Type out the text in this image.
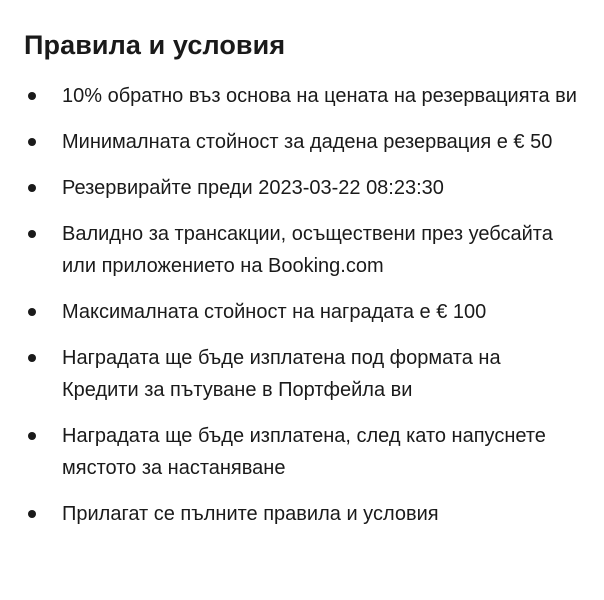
Правила и условия
10% обратно въз основа на цената на резервацията ви
Минималната стойност за дадена резервация е € 50
Резервирайте преди 2023-03-22 08:23:30
Валидно за трансакции, осъществени през уебсайта или приложението на Booking.com
Максималната стойност на наградата е € 100
Наградата ще бъде изплатена под формата на Кредити за пътуване в Портфейла ви
Наградата ще бъде изплатена, след като напуснете мястото за настаняване
Прилагат се пълните правила и условия
